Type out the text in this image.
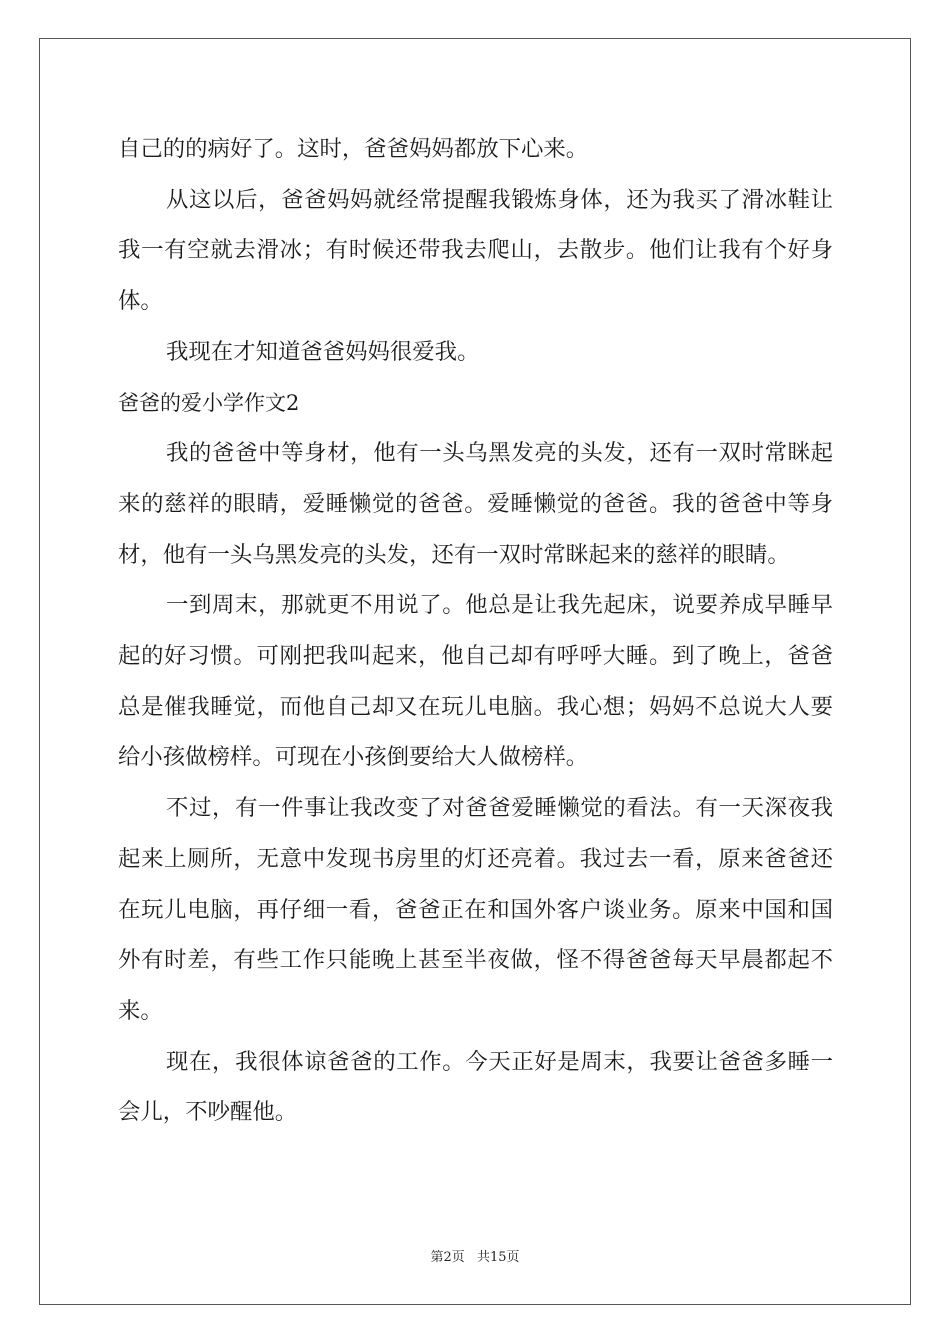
自己的的病好了。这时，爸爸妈妈都放下心来。

从这以后，爸爸妈妈就经常提醒我锻炼身体，还为我买了滑冰鞋让我一有空就去滑冰；有时候还带我去爬山，去散步。他们让我有个好身体。

我现在才知道爸爸妈妈很爱我。

爸爸的爱小学作文2

我的爸爸中等身材，他有一头乌黑发亮的头发，还有一双时常眯起来的慈祥的眼睛，爱睡懒觉的爸爸。爱睡懒觉的爸爸。我的爸爸中等身材，他有一头乌黑发亮的头发，还有一双时常眯起来的慈祥的眼睛。

一到周末，那就更不用说了。他总是让我先起床，说要养成早睡早起的好习惯。可刚把我叫起来，他自己却有呼呼大睡。到了晚上，爸爸总是催我睡觉，而他自己却又在玩儿电脑。我心想；妈妈不总说大人要给小孩做榜样。可现在小孩倒要给大人做榜样。

不过，有一件事让我改变了对爸爸爱睡懒觉的看法。有一天深夜我起来上厕所，无意中发现书房里的灯还亮着。我过去一看，原来爸爸还在玩儿电脑，再仔细一看，爸爸正在和国外客户谈业务。原来中国和国外有时差，有些工作只能晚上甚至半夜做，怪不得爸爸每天早晨都起不来。

现在，我很体谅爸爸的工作。今天正好是周末，我要让爸爸多睡一会儿，不吵醒他。

第2页 共15页
